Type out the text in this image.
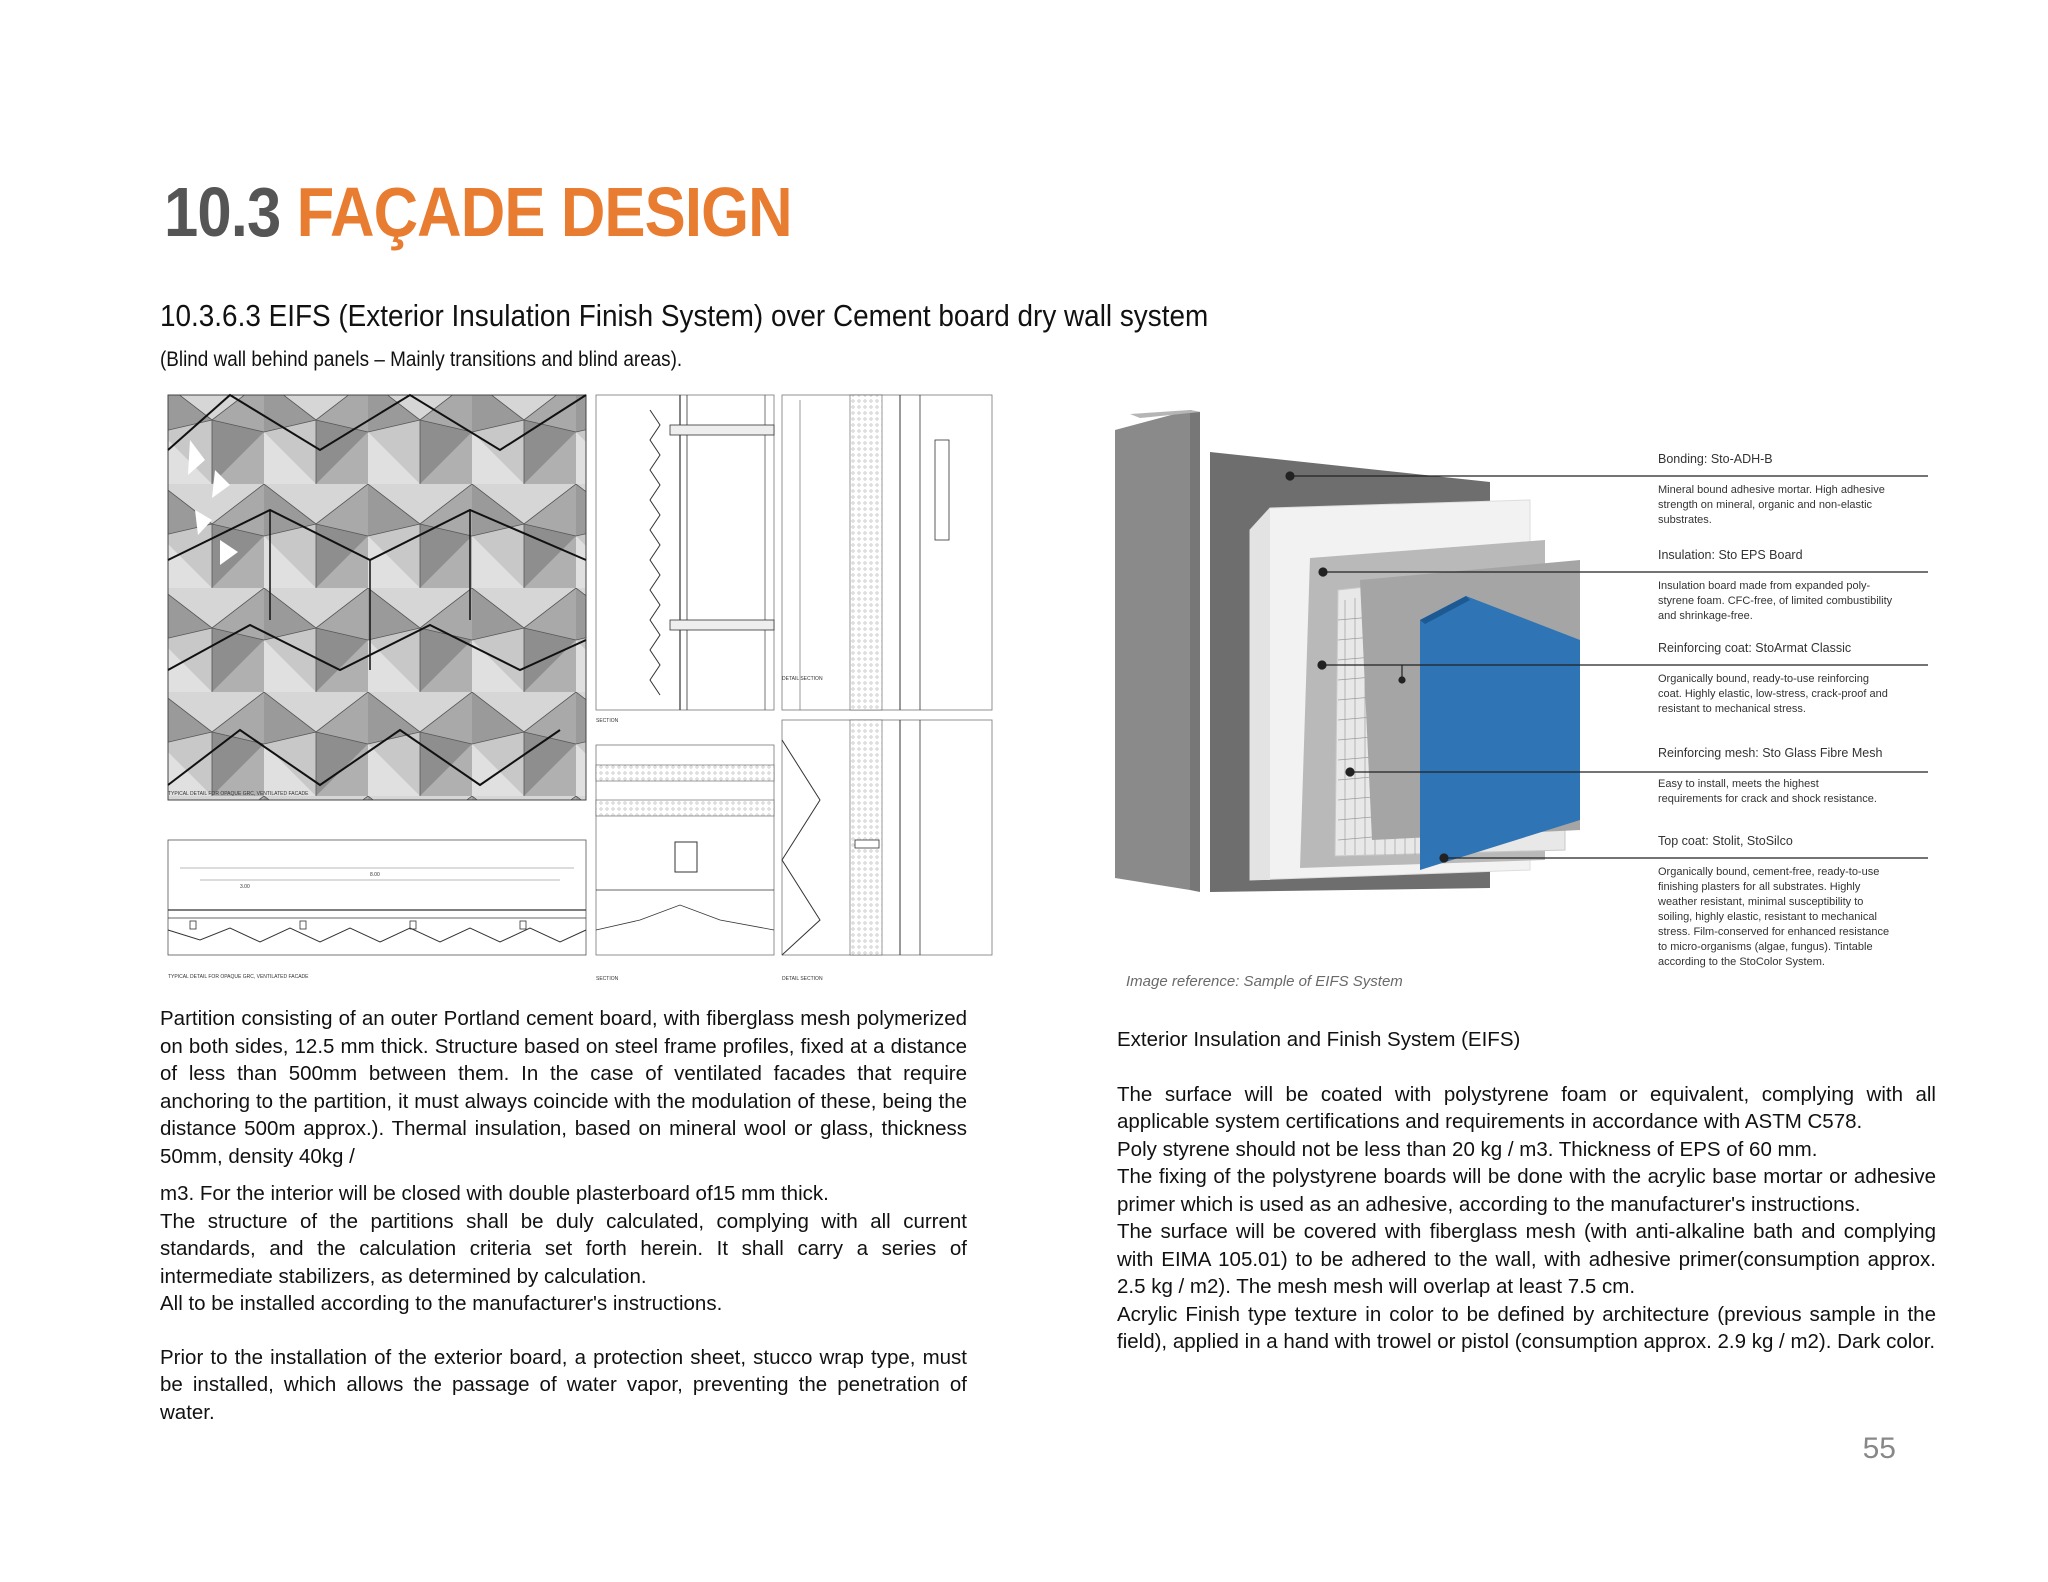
10.3 FAÇADE DESIGN
10.3.6.3 EIFS (Exterior Insulation Finish System) over Cement board dry wall system
(Blind wall behind panels – Mainly transitions and blind areas).
TYPICAL DETAIL FOR OPAQUE GRC, VENTILATED FACADE
8.00
3.00
TYPICAL DETAIL FOR OPAQUE GRC, VENTILATED FACADE
SECTION
DETAIL SECTION
SECTION	DETAIL SECTION
Bonding: Sto-ADH-B
Mineral bound adhesive mortar. High adhesive
strength on mineral, organic and non-elastic
substrates.
Insulation: Sto EPS Board
Insulation board made from expanded poly-
styrene foam. CFC-free, of limited combustibility
and shrinkage-free.
Reinforcing coat: StoArmat Classic
Organically bound, ready-to-use reinforcing
coat. Highly elastic, low-stress, crack-proof and
resistant to mechanical stress.
Reinforcing mesh: Sto Glass Fibre Mesh
Easy to install, meets the highest
requirements for crack and shock resistance.
Top coat: Stolit, StoSilco
Organically bound, cement-free, ready-to-use
finishing plasters for all substrates. Highly
weather resistant, minimal susceptibility to
soiling, highly elastic, resistant to mechanical
stress. Film-conserved for enhanced resistance
to micro-organisms (algae, fungus). Tintable
according to the StoColor System.
Image reference: Sample of EIFS System

Partition consisting of an outer Portland cement board, with fiberglass mesh polymerized on both sides, 12.5 mm thick. Structure based on steel frame profiles, fixed at a distance of less than 500mm between them. In the case of ventilated facades that require anchoring to the partition, it must always coincide with the modulation of these, being the distance 500m approx.). Thermal insulation, based on mineral wool or glass, thickness 50mm, density 40kg /

m3. For the interior will be closed with double plasterboard of15 mm thick.

The structure of the partitions shall be duly calculated, complying with all current standards, and the calculation criteria set forth herein. It shall carry a series of intermediate stabilizers, as determined by calculation.

All to be installed according to the manufacturer's instructions.

Prior to the installation of the exterior board, a protection sheet, stucco wrap type, must be installed, which allows the passage of water vapor, preventing the penetration of water.

Exterior Insulation and Finish System (EIFS)

The surface will be coated with polystyrene foam or equivalent, complying with all applicable system certifications and requirements in accordance with ASTM C578.

Poly styrene should not be less than 20 kg / m3. Thickness of EPS of 60 mm.

The fixing of the polystyrene boards will be done with the acrylic base mortar or adhesive primer which is used as an adhesive, according to the manufacturer's instructions.

The surface will be covered with fiberglass mesh (with anti-alkaline bath and complying with EIMA 105.01) to be adhered to the wall, with adhesive primer(consumption approx. 2.5 kg / m2). The mesh mesh will overlap at least 7.5 cm.

Acrylic Finish type texture in color to be defined by architecture (previous sample in the field), applied in a hand with trowel or pistol (consumption approx. 2.9 kg / m2). Dark color.

55
